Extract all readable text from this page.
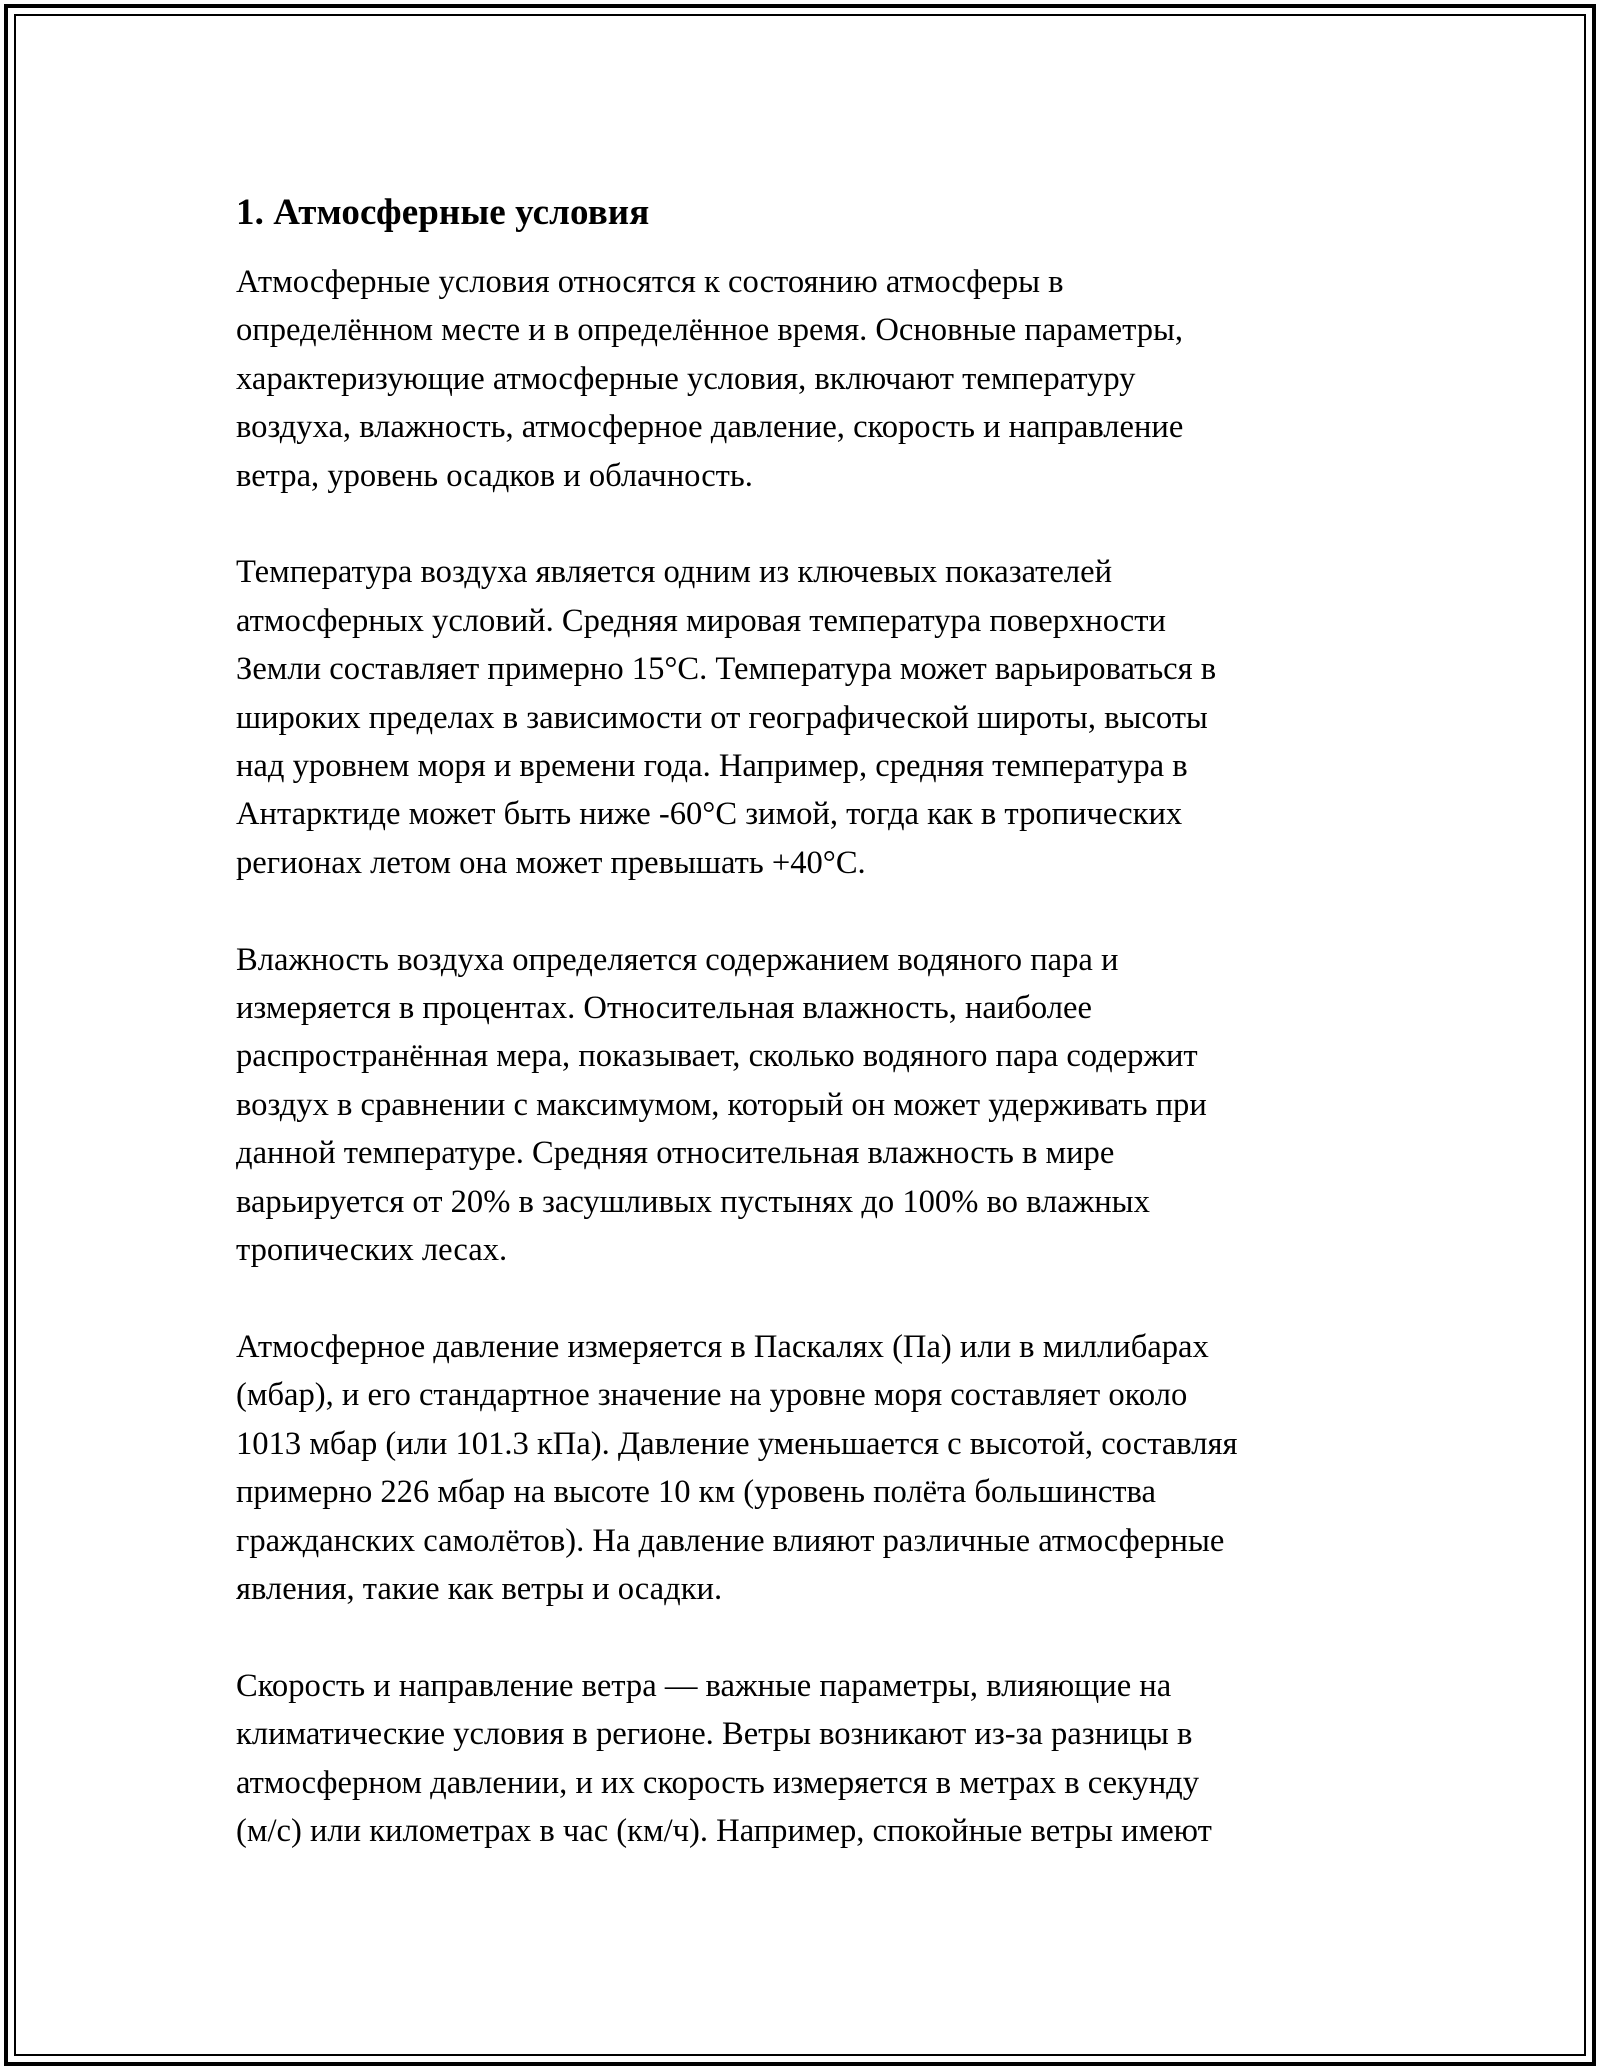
1. Атмосферные условия

Атмосферные условия относятся к состоянию атмосферы в
определённом месте и в определённое время. Основные параметры,
характеризующие атмосферные условия, включают температуру
воздуха, влажность, атмосферное давление, скорость и направление
ветра, уровень осадков и облачность.

Температура воздуха является одним из ключевых показателей
атмосферных условий. Средняя мировая температура поверхности
Земли составляет примерно 15°C. Температура может варьироваться в
широких пределах в зависимости от географической широты, высоты
над уровнем моря и времени года. Например, средняя температура в
Антарктиде может быть ниже -60°C зимой, тогда как в тропических
регионах летом она может превышать +40°C.

Влажность воздуха определяется содержанием водяного пара и
измеряется в процентах. Относительная влажность, наиболее
распространённая мера, показывает, сколько водяного пара содержит
воздух в сравнении с максимумом, который он может удерживать при
данной температуре. Средняя относительная влажность в мире
варьируется от 20% в засушливых пустынях до 100% во влажных
тропических лесах.

Атмосферное давление измеряется в Паскалях (Па) или в миллибарах
(мбар), и его стандартное значение на уровне моря составляет около
1013 мбар (или 101.3 кПа). Давление уменьшается с высотой, составляя
примерно 226 мбар на высоте 10 км (уровень полёта большинства
гражданских самолётов). На давление влияют различные атмосферные
явления, такие как ветры и осадки.

Скорость и направление ветра — важные параметры, влияющие на
климатические условия в регионе. Ветры возникают из-за разницы в
атмосферном давлении, и их скорость измеряется в метрах в секунду
(м/с) или километрах в час (км/ч). Например, спокойные ветры имеют
